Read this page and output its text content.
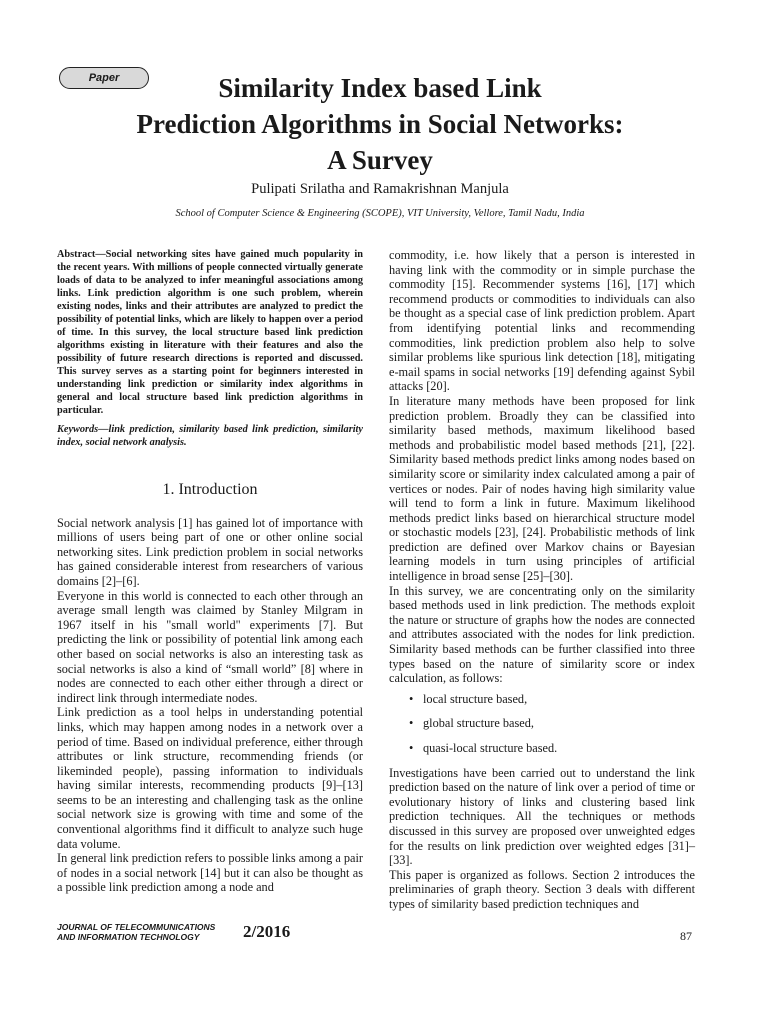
Paper	Similarity Index based Link
Prediction Algorithms in Social Networks:
A Survey
Pulipati Srilatha and Ramakrishnan Manjula
School of Computer Science & Engineering (SCOPE), VIT University, Vellore, Tamil Nadu, India

Abstract—Social networking sites have gained much popularity in the recent years. With millions of people connected virtually generate loads of data to be analyzed to infer meaningful associations among links. Link prediction algorithm is one such problem, wherein existing nodes, links and their attributes are analyzed to predict the possibility of potential links, which are likely to happen over a period of time. In this survey, the local structure based link prediction algorithms existing in literature with their features and also the possibility of future research directions is reported and discussed. This survey serves as a starting point for beginners interested in understanding link prediction or similarity index algorithms in general and local structure based link prediction algorithms in particular.

Keywords—link prediction, similarity based link prediction, similarity index, social network analysis.

1. Introduction

Social network analysis [1] has gained lot of importance with millions of users being part of one or other online social networking sites. Link prediction problem in social networks has gained considerable interest from researchers of various domains [2]–[6].

Everyone in this world is connected to each other through an average small length was claimed by Stanley Milgram in 1967 itself in his "small world" experiments [7]. But predicting the link or possibility of potential link among each other based on social networks is also an interesting task as social networks is also a kind of “small world” [8] where in nodes are connected to each other either through a direct or indirect link through intermediate nodes.

Link prediction as a tool helps in understanding potential links, which may happen among nodes in a network over a period of time. Based on individual preference, either through attributes or link structure, recommending friends (or likeminded people), passing information to individuals having similar interests, recommending products [9]–[13] seems to be an interesting and challenging task as the online social network size is growing with time and some of the conventional algorithms find it difficult to analyze such huge data volume.

In general link prediction refers to possible links among a pair of nodes in a social network [14] but it can also be thought as a possible link prediction among a node and

commodity, i.e. how likely that a person is interested in having link with the commodity or in simple purchase the commodity [15]. Recommender systems [16], [17] which recommend products or commodities to individuals can also be thought as a special case of link prediction problem. Apart from identifying potential links and recommending commodities, link prediction problem also help to solve similar problems like spurious link detection [18], mitigating e-mail spams in social networks [19] defending against Sybil attacks [20].

In literature many methods have been proposed for link prediction problem. Broadly they can be classified into similarity based methods, maximum likelihood based methods and probabilistic model based methods [21], [22]. Similarity based methods predict links among nodes based on similarity score or similarity index calculated among a pair of vertices or nodes. Pair of nodes having high similarity value will tend to form a link in future. Maximum likelihood methods predict links based on hierarchical structure model or stochastic models [23], [24]. Probabilistic methods of link prediction are defined over Markov chains or Bayesian learning models in turn using principles of artificial intelligence in broad sense [25]–[30].

In this survey, we are concentrating only on the similarity based methods used in link prediction. The methods exploit the nature or structure of graphs how the nodes are connected and attributes associated with the nodes for link prediction. Similarity based methods can be further classified into three types based on the nature of similarity score or index calculation, as follows:

• local structure based,
• global structure based,
• quasi-local structure based.

Investigations have been carried out to understand the link prediction based on the nature of link over a period of time or evolutionary history of links and clustering based link prediction techniques. All the techniques or methods discussed in this survey are proposed over unweighted edges for the results on link prediction over weighted edges [31]–[33].

This paper is organized as follows. Section 2 introduces the preliminaries of graph theory. Section 3 deals with different types of similarity based prediction techniques and

JOURNAL OF TELECOMMUNICATIONS
AND INFORMATION TECHNOLOGY	2/2016	87
